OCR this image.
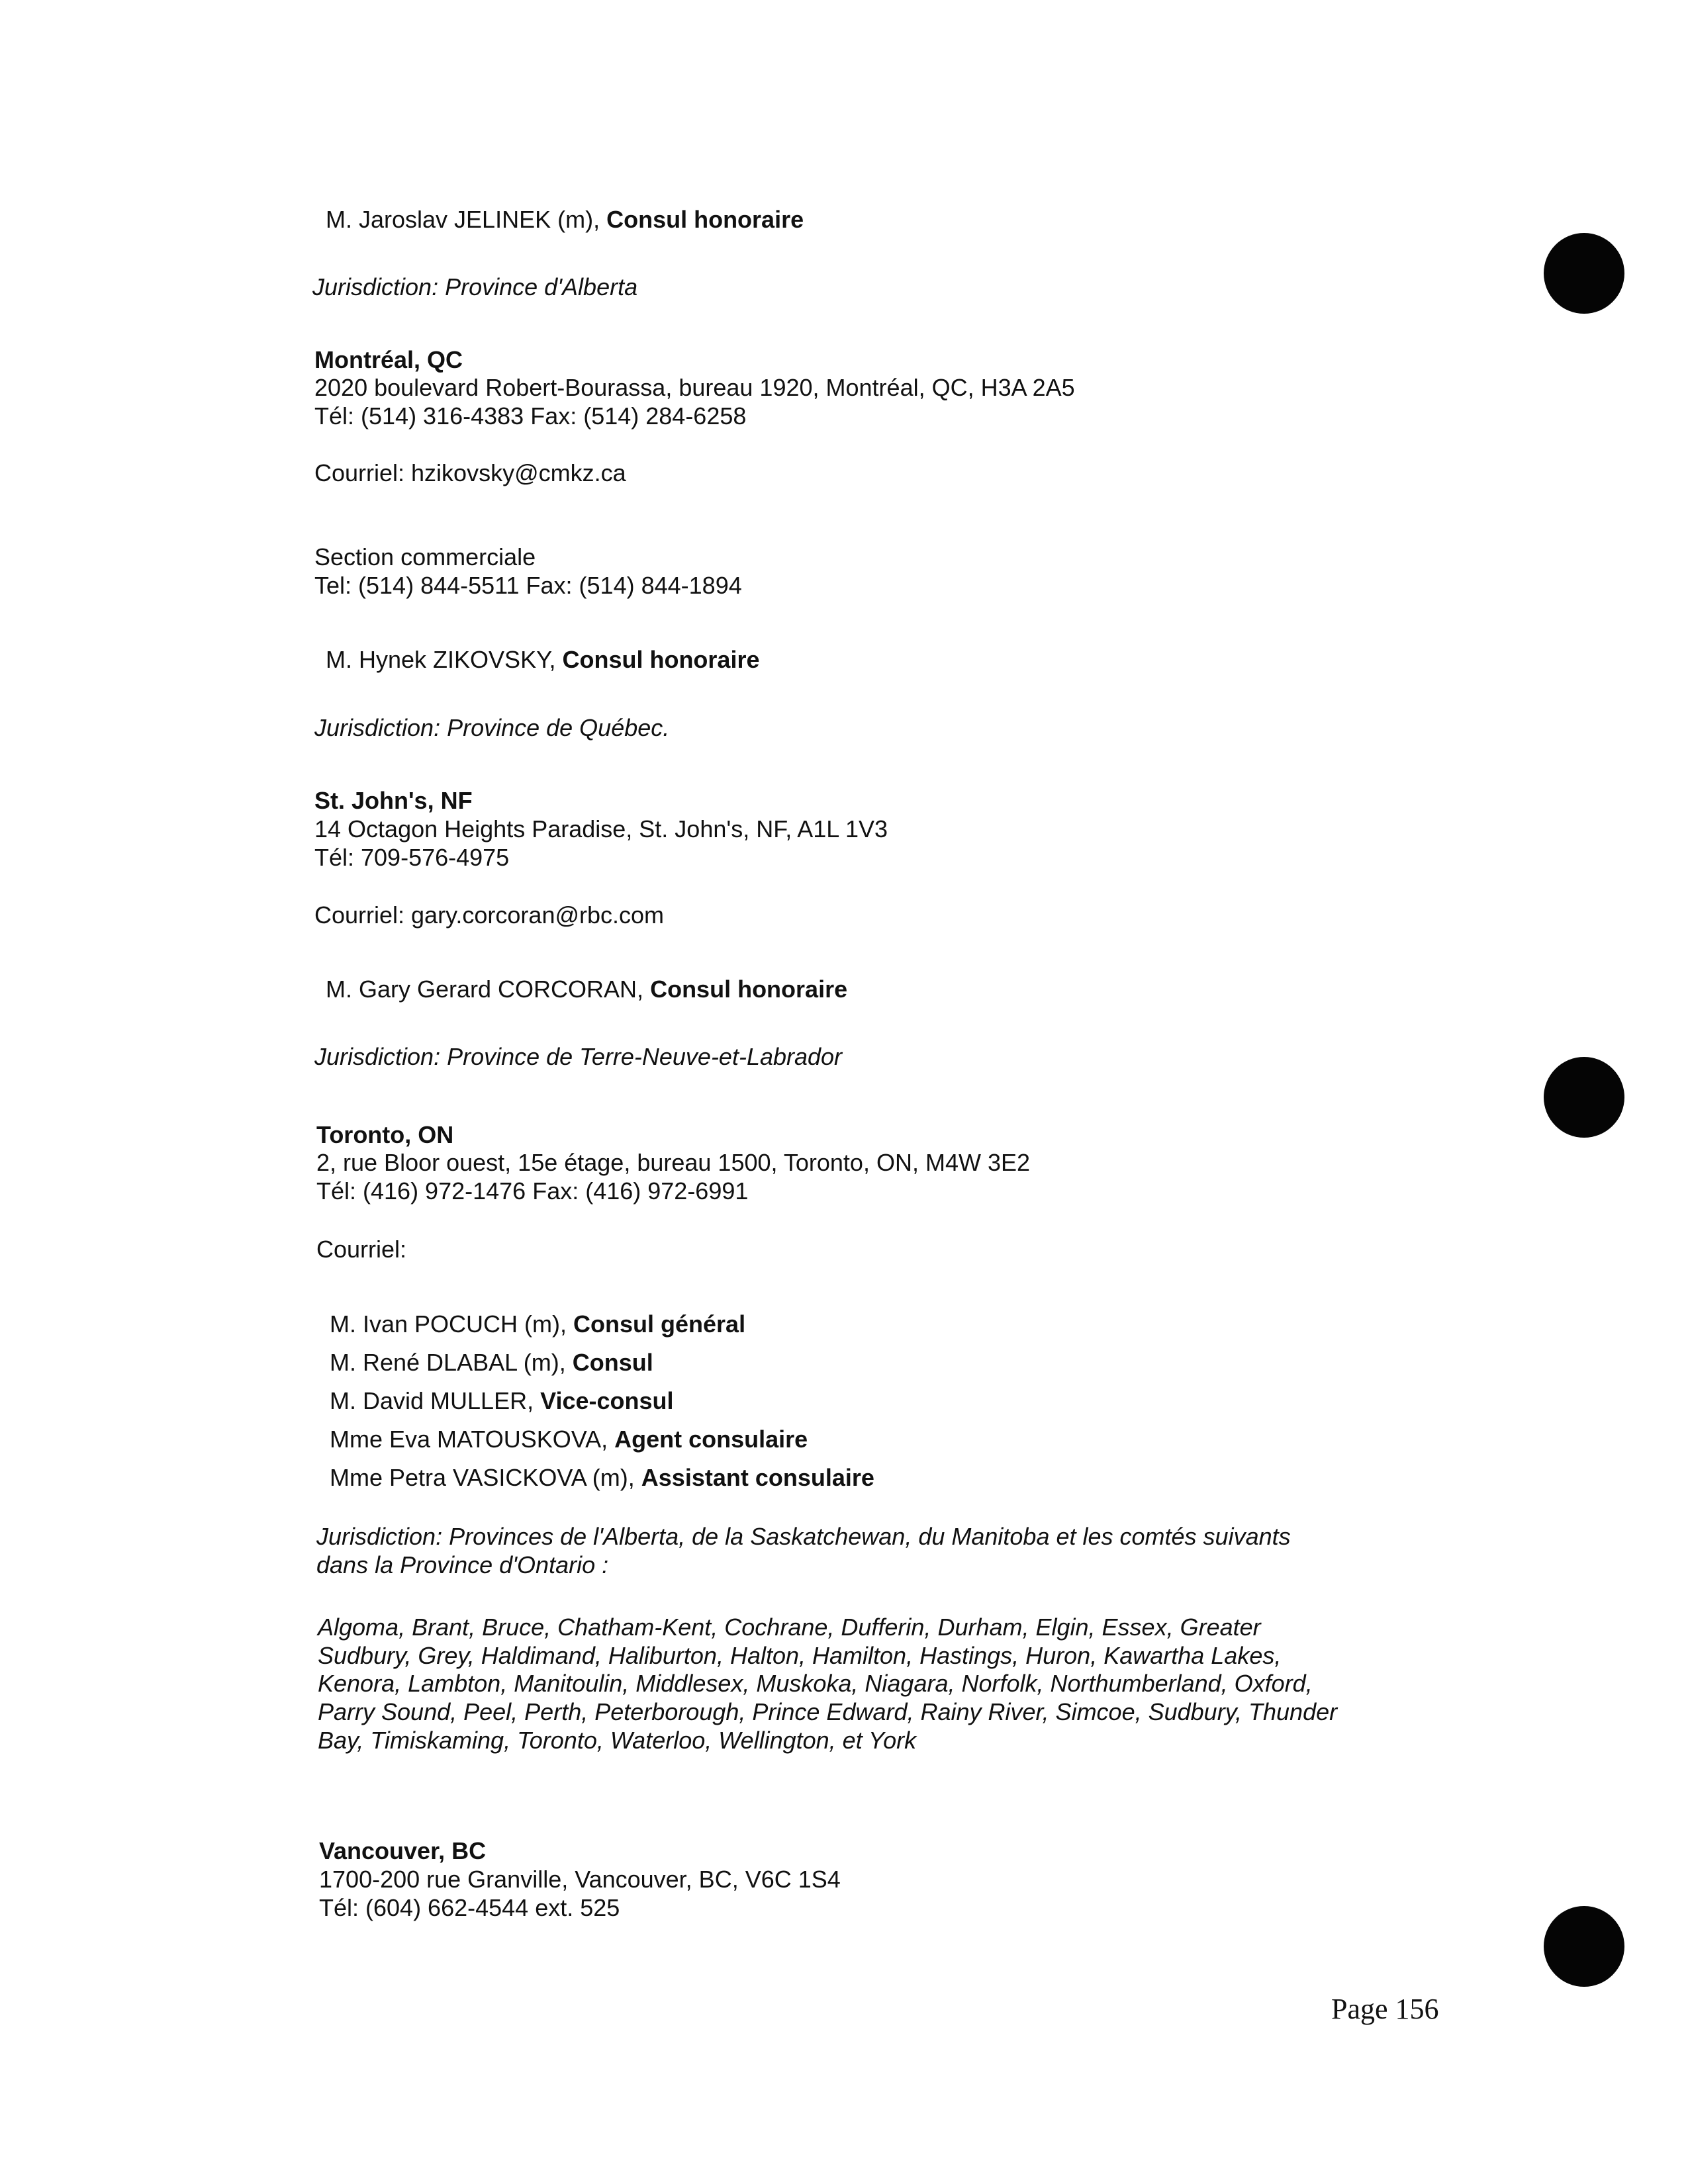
M. Jaroslav JELINEK (m), Consul honoraire
Jurisdiction: Province d'Alberta
Montréal, QC
2020 boulevard Robert-Bourassa, bureau 1920, Montréal, QC, H3A 2A5
Tél: (514) 316-4383 Fax: (514) 284-6258
Courriel: hzikovsky@cmkz.ca
Section commerciale
Tel: (514) 844-5511 Fax: (514) 844-1894
M. Hynek ZIKOVSKY, Consul honoraire
Jurisdiction: Province de Québec.
St. John's, NF
14 Octagon Heights Paradise, St. John's, NF, A1L 1V3
Tél: 709-576-4975
Courriel: gary.corcoran@rbc.com
M. Gary Gerard CORCORAN, Consul honoraire
Jurisdiction: Province de Terre-Neuve-et-Labrador
Toronto, ON
2, rue Bloor ouest, 15e étage, bureau 1500, Toronto, ON, M4W 3E2
Tél: (416) 972-1476 Fax: (416) 972-6991
Courriel:
M. Ivan POCUCH (m), Consul général
M. René DLABAL (m), Consul
M. David MULLER, Vice-consul
Mme Eva MATOUSKOVA, Agent consulaire
Mme Petra VASICKOVA (m), Assistant consulaire
Jurisdiction: Provinces de l'Alberta, de la Saskatchewan, du Manitoba et les comtés suivants
dans la Province d'Ontario :
Algoma, Brant, Bruce, Chatham-Kent, Cochrane, Dufferin, Durham, Elgin, Essex, Greater
Sudbury, Grey, Haldimand, Haliburton, Halton, Hamilton, Hastings, Huron, Kawartha Lakes,
Kenora, Lambton, Manitoulin, Middlesex, Muskoka, Niagara, Norfolk, Northumberland, Oxford,
Parry Sound, Peel, Perth, Peterborough, Prince Edward, Rainy River, Simcoe, Sudbury, Thunder
Bay, Timiskaming, Toronto, Waterloo, Wellington, et York
Vancouver, BC
1700-200 rue Granville, Vancouver, BC, V6C 1S4
Tél: (604) 662-4544 ext. 525
Page 156
